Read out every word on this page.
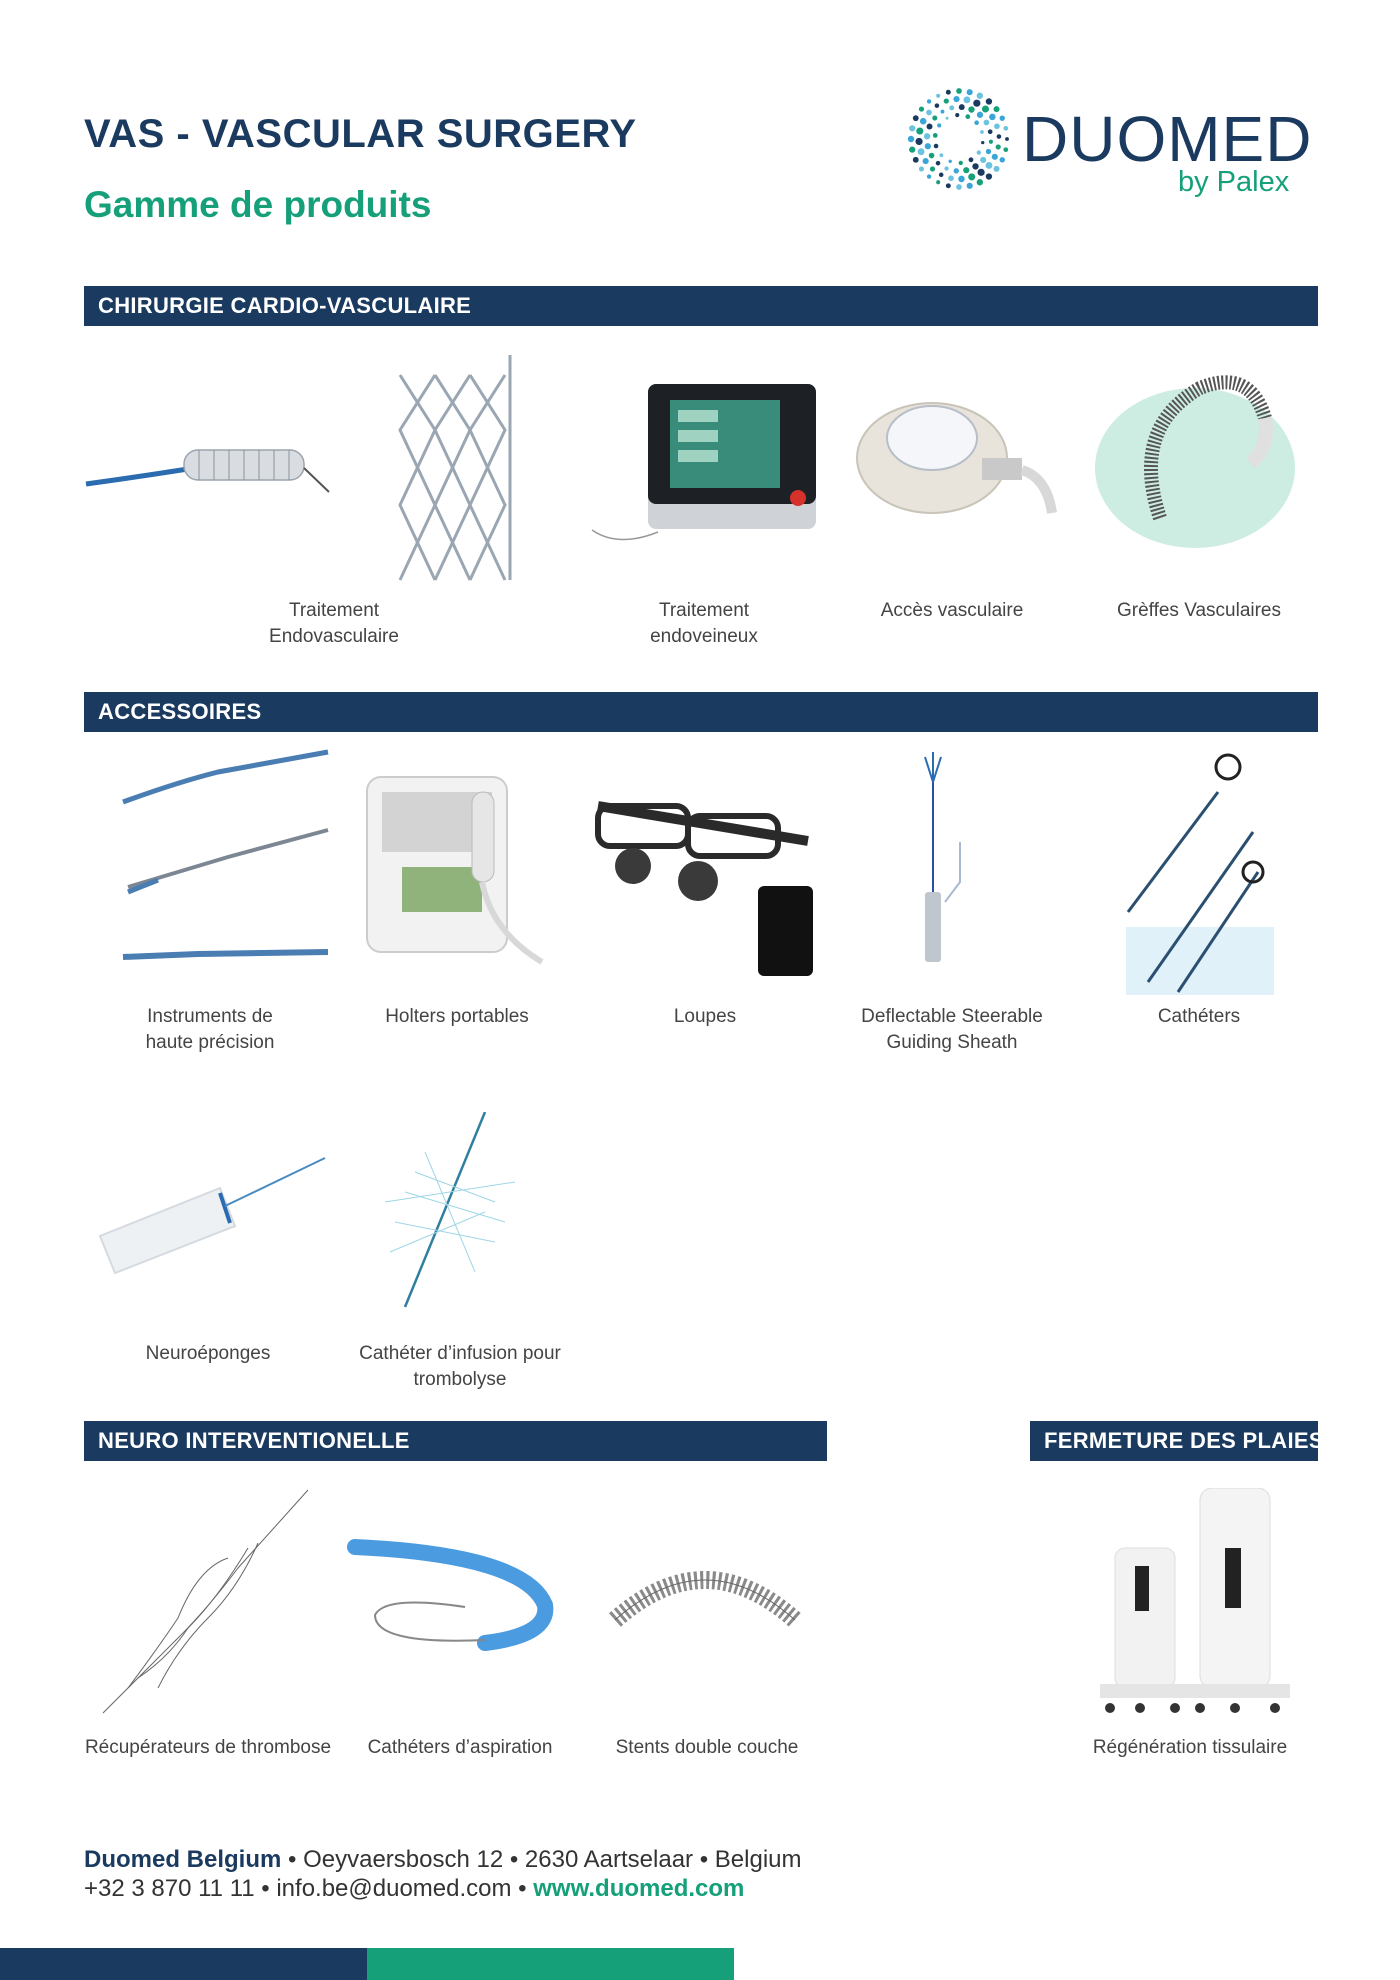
VAS - VASCULAR SURGERY
Gamme de produits
DUOMED
by Palex
CHIRURGIE CARDIO-VASCULAIRE
Traitement
Endovasculaire
Traitement
endoveineux
Accès vasculaire	Grèffes Vasculaires
ACCESSOIRES
Instruments de
haute précision
Holters portables	Loupes	Deflectable Steerable
Guiding Sheath
Cathéters
Neuroéponges	Cathéter d’infusion pour
trombolyse
NEURO INTERVENTIONELLE	FERMETURE DES PLAIES
Récupérateurs de thrombose	Cathéters d’aspiration	Stents double couche	Régénération tissulaire
Duomed Belgium • Oeyvaersbosch 12 • 2630 Aartselaar • Belgium
+32 3 870 11 11 • info.be@duomed.com • www.duomed.com
